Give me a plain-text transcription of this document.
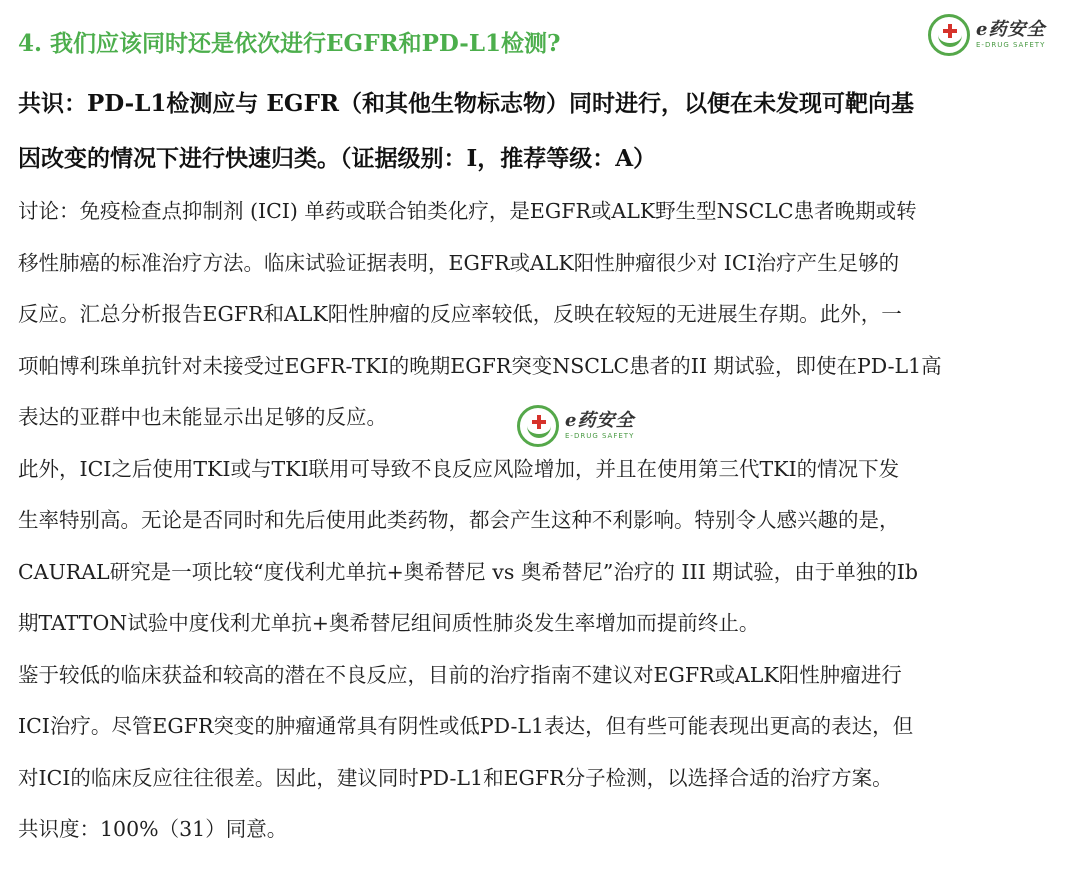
e药安全
E-DRUG SAFETY
4. 我们应该同时还是依次进行EGFR和PD-L1检测?

共识：PD-L1检测应与 EGFR（和其他生物标志物）同时进行，以便在未发现可靶向基
因改变的情况下进行快速归类。（证据级别：I，推荐等级：A）

讨论：免疫检查点抑制剂 (ICI) 单药或联合铂类化疗，是EGFR或ALK野生型NSCLC患者晚期或转
移性肺癌的标准治疗方法。临床试验证据表明，EGFR或ALK阳性肿瘤很少对 ICI治疗产生足够的
反应。汇总分析报告EGFR和ALK阳性肿瘤的反应率较低，反映在较短的无进展生存期。此外，一
项帕博利珠单抗针对未接受过EGFR-TKI的晚期EGFR突变NSCLC患者的II 期试验，即使在PD-L1高
表达的亚群中也未能显示出足够的反应。

此外，ICI之后使用TKI或与TKI联用可导致不良反应风险增加，并且在使用第三代TKI的情况下发
生率特别高。无论是否同时和先后使用此类药物，都会产生这种不利影响。特别令人感兴趣的是，
CAURAL研究是一项比较“度伐利尤单抗+奥希替尼 vs 奥希替尼”治疗的 III 期试验，由于单独的Ib
期TATTON试验中度伐利尤单抗+奥希替尼组间质性肺炎发生率增加而提前终止。

鉴于较低的临床获益和较高的潜在不良反应，目前的治疗指南不建议对EGFR或ALK阳性肿瘤进行
ICI治疗。尽管EGFR突变的肿瘤通常具有阴性或低PD-L1表达，但有些可能表现出更高的表达，但
对ICI的临床反应往往很差。因此，建议同时PD-L1和EGFR分子检测，以选择合适的治疗方案。

共识度：100%（31）同意。

e药安全
E-DRUG SAFETY
